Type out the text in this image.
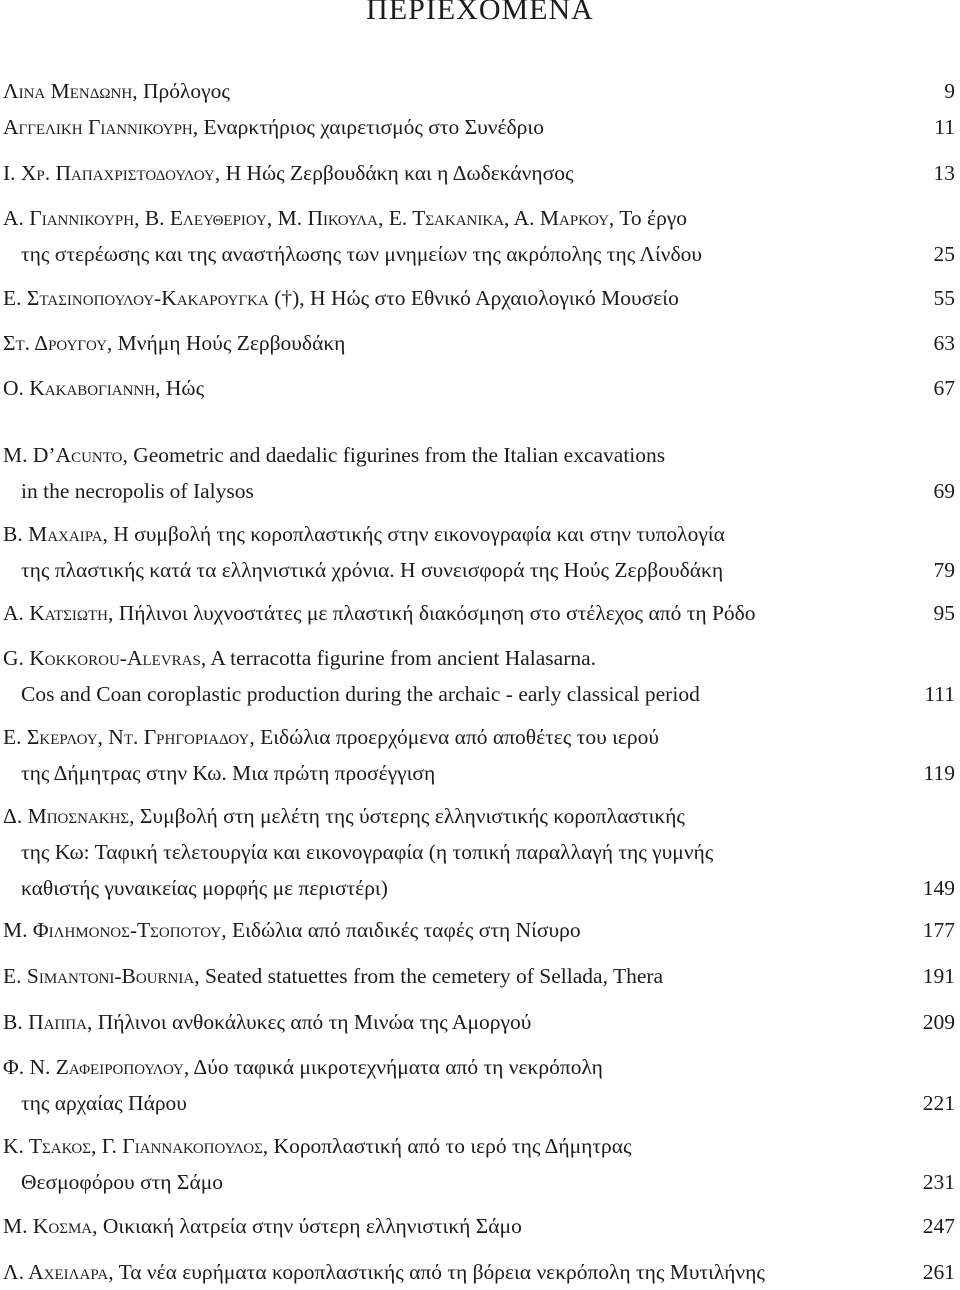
ΠΕΡΙΕΧΟΜΕΝΑ
Λινα Μενδωνη, Πρόλογος	9
Αγγελικη Γιαννικουρη, Εναρκτήριος χαιρετισμός στο Συνέδριο	11
Ι. Χρ. Παπαχριστοδουλου, Η Ηώς Ζερβουδάκη και η Δωδεκάνησος	13
Α. Γιαννικουρη, Β. Ελευθεριου, Μ. Πικουλα, Ε. Τσακανικα, Α. Μαρκου, Το έργο
της στερέωσης και της αναστήλωσης των μνημείων της ακρόπολης της Λίνδου	25
Ε. Στασινοπουλου-Κακαρουγκα (†), Η Ηώς στο Εθνικό Αρχαιολογικό Μουσείο	55
Στ. Δρουγου, Μνήμη Ηούς Ζερβουδάκη	63
Ο. Κακαβογιαννη, Ηώς	67
Μ. D’Acunto, Geometric and daedalic figurines from the Italian excavations
in the necropolis of Ialysos	69
Β. Μαχαιρα, Η συμβολή της κοροπλαστικής στην εικονογραφία και στην τυπολογία
της πλαστικής κατά τα ελληνιστικά χρόνια. Η συνεισφορά της Ηούς Ζερβουδάκη	79
Α. Κατσιωτη, Πήλινοι λυχνοστάτες με πλαστική διακόσμηση στο στέλεχος από τη Ρόδο	95
G. Kokkorou-Alevras, A terracotta figurine from ancient Halasarna.
Cos and Coan coroplastic production during the archaic - early classical period	111
Ε. Σκερλου, Ντ. Γρηγοριαδου, Ειδώλια προερχόμενα από αποθέτες του ιερού
της Δήμητρας στην Κω. Μια πρώτη προσέγγιση	119
Δ. Μποσνακης, Συμβολή στη μελέτη της ύστερης ελληνιστικής κοροπλαστικής
της Κω: Ταφική τελετουργία και εικονογραφία (η τοπική παραλλαγή της γυμνής
καθιστής γυναικείας μορφής με περιστέρι)	149
Μ. Φιλημονος-Τσοποτου, Ειδώλια από παιδικές ταφές στη Νίσυρο	177
Ε. Simantoni-Bournia, Seated statuettes from the cemetery of Sellada, Thera	191
Β. Παππα, Πήλινοι ανθοκάλυκες από τη Μινώα της Αμοργού	209
Φ. Ν. Ζαφειροπουλου, Δύο ταφικά μικροτεχνήματα από τη νεκρόπολη
της αρχαίας Πάρου	221
Κ. Τσακος, Γ. Γιαννακοπουλος, Κοροπλαστική από το ιερό της Δήμητρας
Θεσμοφόρου στη Σάμο	231
Μ. Κοσμα, Οικιακή λατρεία στην ύστερη ελληνιστική Σάμο	247
Λ. Αχειλαρα, Τα νέα ευρήματα κοροπλαστικής από τη βόρεια νεκρόπολη της Μυτιλήνης	261
